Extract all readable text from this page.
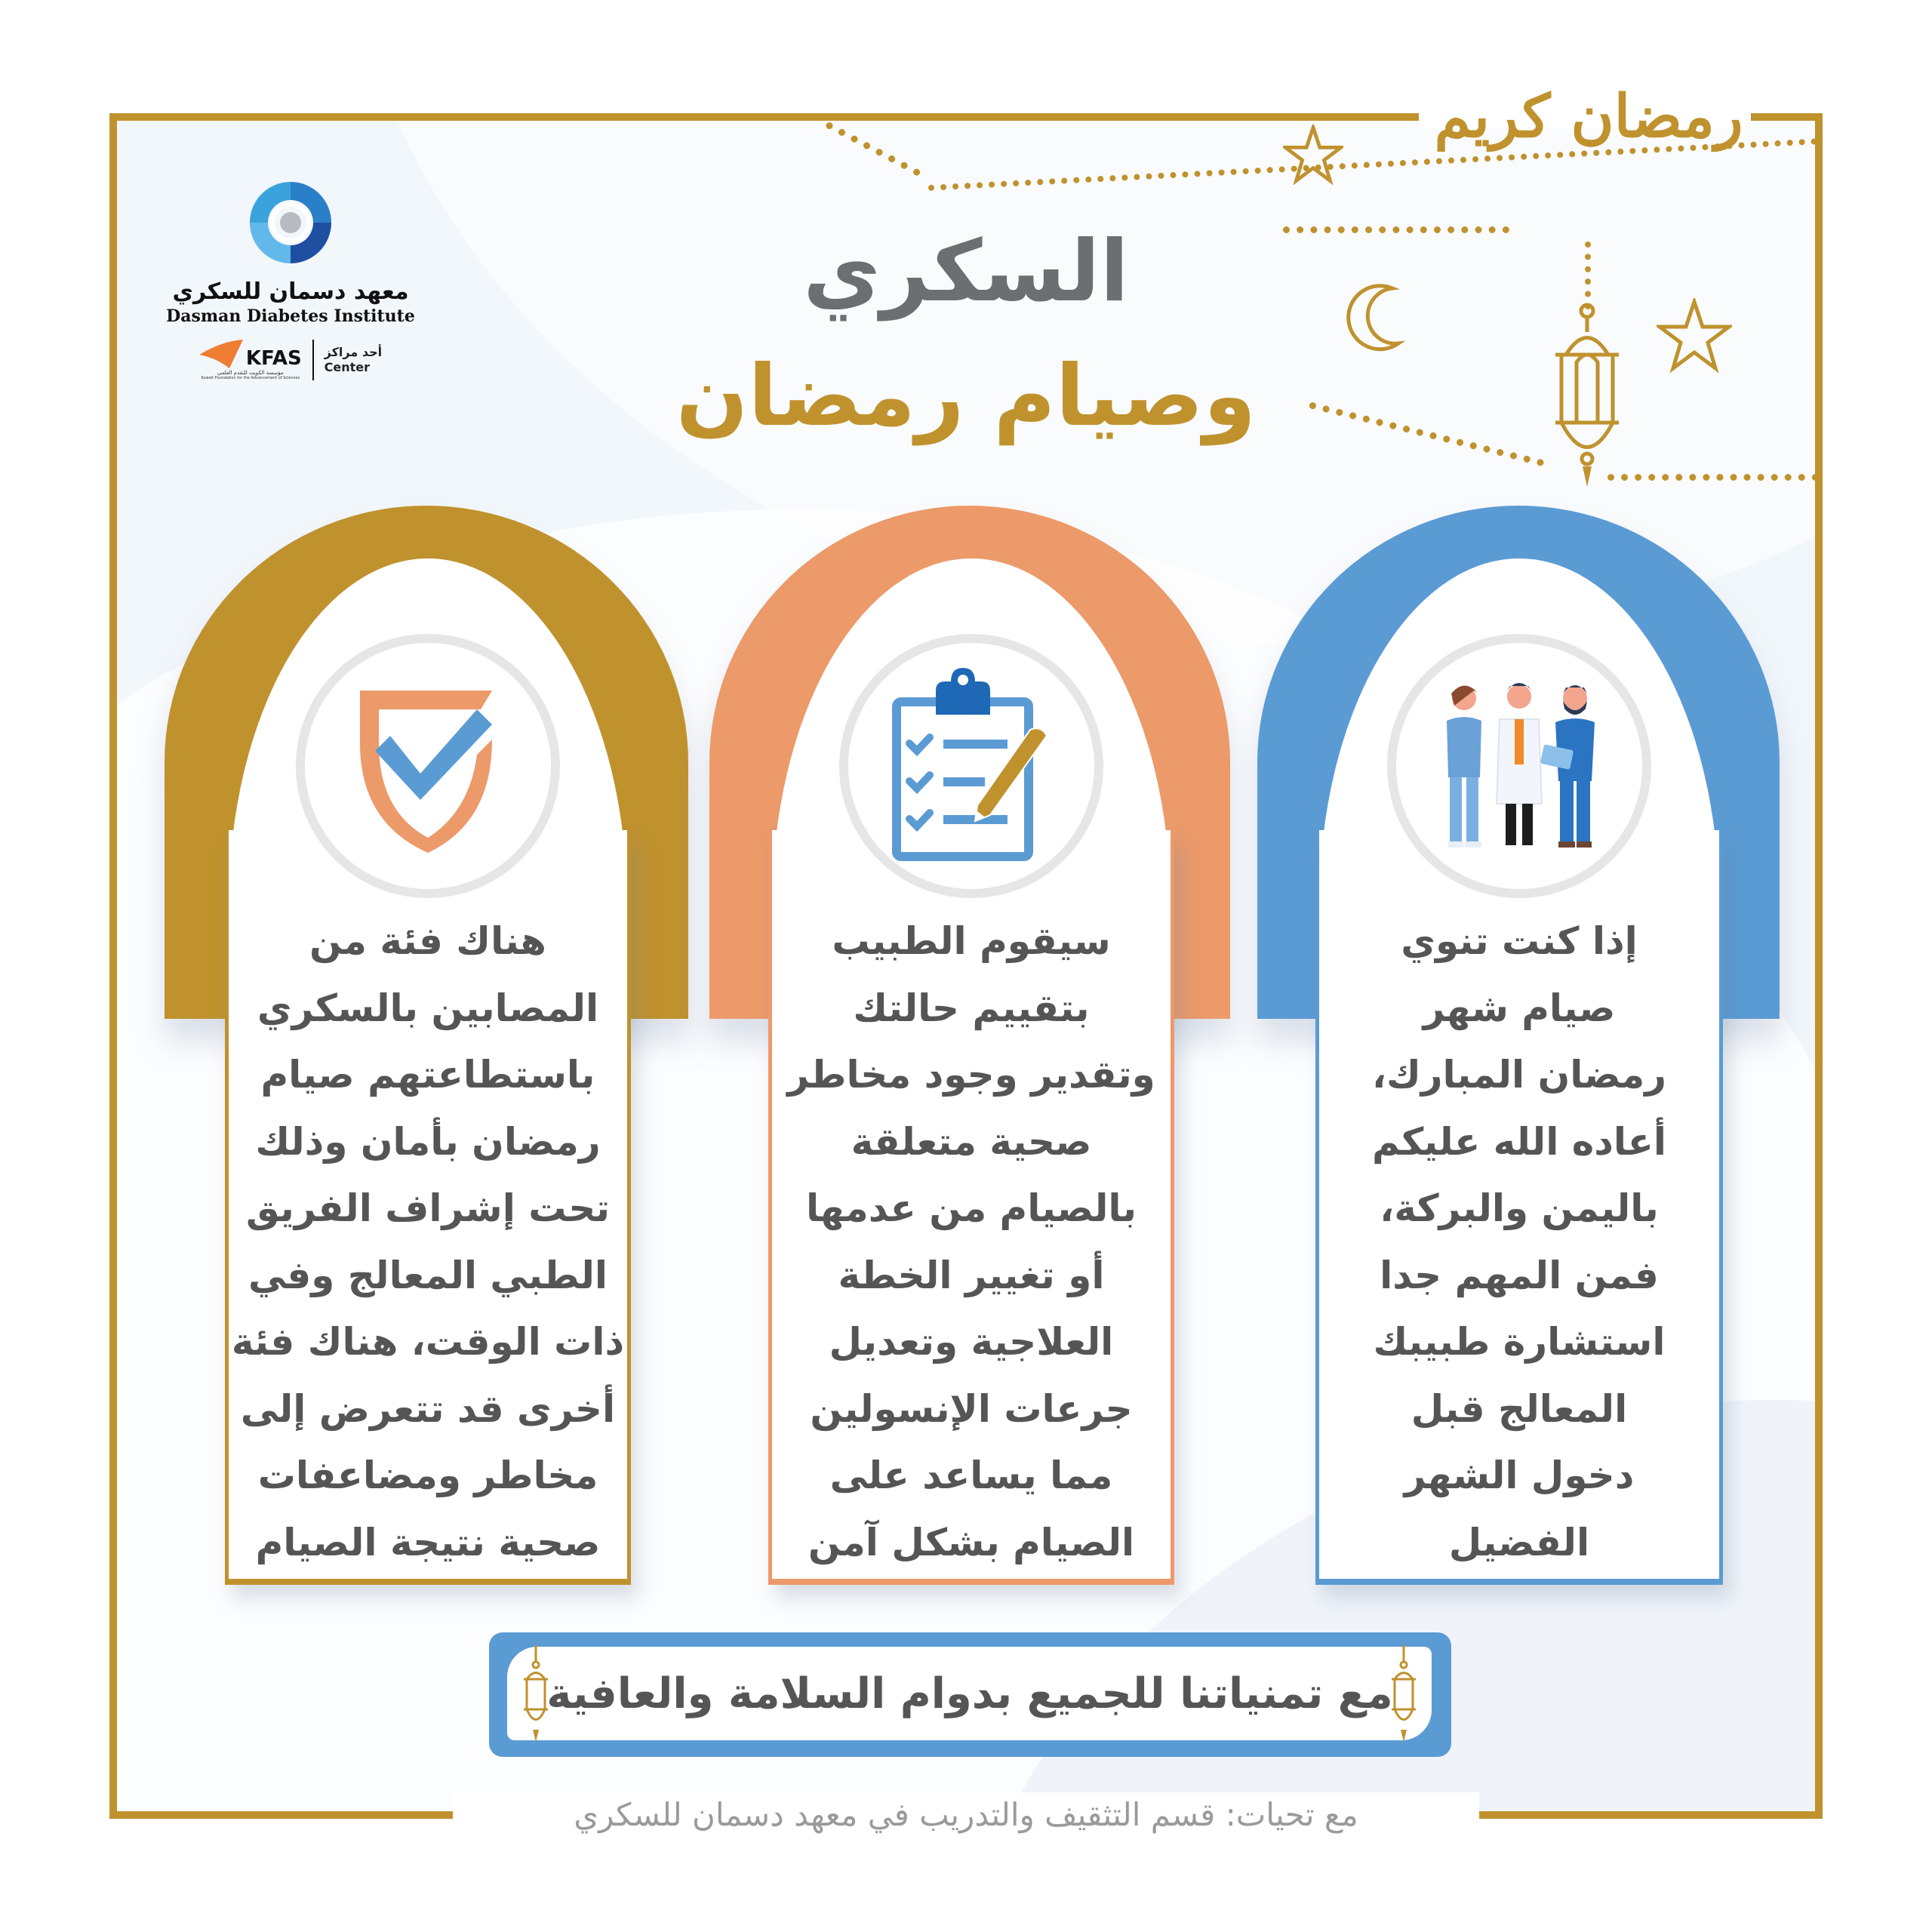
رمضان كريم
معهد دسمان للسكري
Dasman Diabetes Institute
KFAS
مؤسسة الكويت للتقدم العلمي
Kuwait Foundation for the Advancement of Sciences
أحد مراكز
Center
السكري
وصيام رمضان
هناك فئة من
المصابين بالسكري
باستطاعتهم صيام
رمضان بأمان وذلك
تحت إشراف الفريق
الطبي المعالج وفي
ذات الوقت، هناك فئة
أخرى قد تتعرض إلى
مخاطر ومضاعفات
صحية نتيجة الصيام
سيقوم الطبيب
بتقييم حالتك
وتقدير وجود مخاطر
صحية متعلقة
بالصيام من عدمها
أو تغيير الخطة
العلاجية وتعديل
جرعات الإنسولين
مما يساعد على
الصيام بشكل آمن
إذا كنت تنوي
صيام شهر
رمضان المبارك،
أعاده الله عليكم
باليمن والبركة،
فمن المهم جدا
استشارة طبيبك
المعالج قبل
دخول الشهر
الفضيل
مع تمنياتنا للجميع بدوام السلامة والعافية
مع تحيات: قسم التثقيف والتدريب في معهد دسمان للسكري
